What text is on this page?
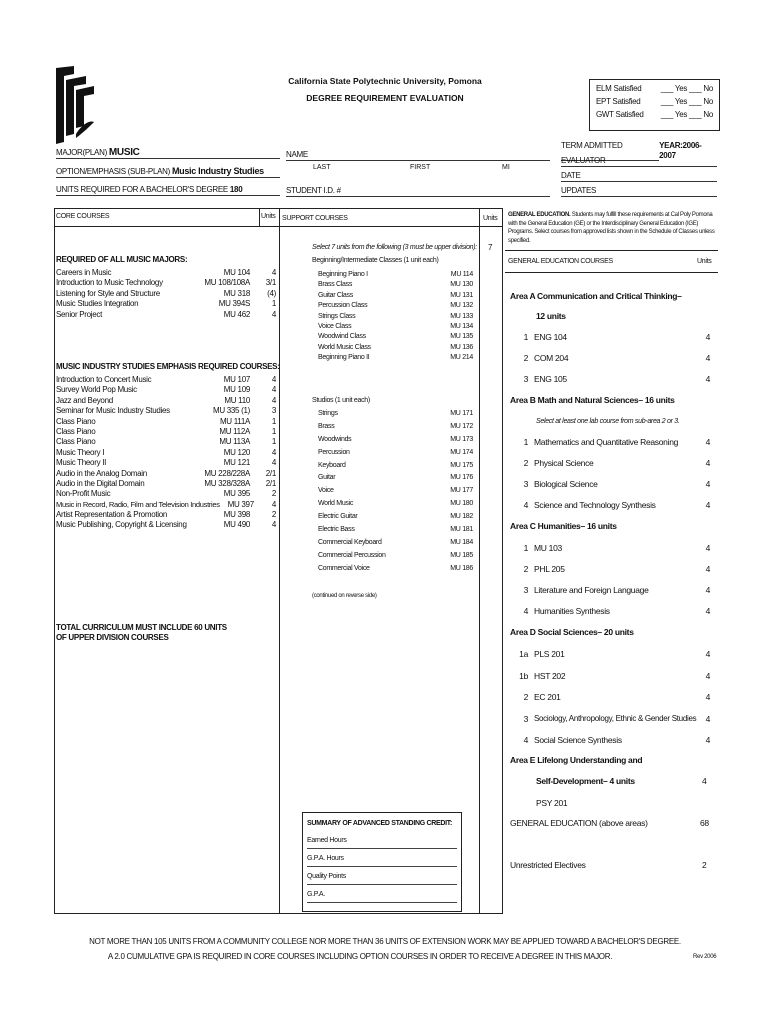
California State Polytechnic University, Pomona
DEGREE REQUIREMENT EVALUATION
ELM Satisfied ___ Yes ___ No
EPT Satisfied	___ Yes ___ No
GWT Satisfied ___ Yes ___ No
MAJOR(PLAN) MUSIC
OPTION/EMPHASIS (SUB-PLAN) Music Industry Studies
UNITS REQUIRED FOR A BACHELOR'S DEGREE 180
NAME
LAST	FIRST	MI
STUDENT I.D. #
TERM ADMITTED	YEAR:2006-2007
EVALUATOR
DATE
UPDATES
CORE COURSES	Units SUPPORT COURSES	Units
REQUIRED OF ALL MUSIC MAJORS:
Careers in Music	MU 104	4
Introduction to Music Technology	MU 108/108A	3/1
Listening for Style and Structure	MU 318	(4)
Music Studies Integration	MU 394S	1
Senior Project	MU 462	4
MUSIC INDUSTRY STUDIES EMPHASIS REQUIRED COURSES:
Introduction to Concert Music	MU 107	4
Survey World Pop Music	MU 109	4
Jazz and Beyond	MU 110	4
Seminar for Music Industry Studies	MU 335 (1)	3
Class Piano	MU 111A	1
Class Piano	MU 112A	1
Class Piano	MU 113A	1
Music Theory I	MU 120	4
Music Theory II	MU 121	4
Audio in the Analog Domain	MU 228/228A	2/1
Audio in the Digital Domain	MU 328/328A	2/1
Non-Profit Music	MU 395	2
Music in Record, Radio, Film and Television Industries MU 397	4
Artist Representation & Promotion	MU 398	2
Music Publishing, Copyright & Licensing	MU 490	4
TOTAL CURRICULUM MUST INCLUDE 60 UNITS
OF UPPER DIVISION COURSES
Select 7 units from the following (3 must be upper division): 7
Beginning/Intermediate Classes (1 unit each)
Beginning Piano I	MU 114
Brass Class	MU 130
Guitar Class	MU 131
Percussion Class	MU 132
Strings Class	MU 133
Voice Class	MU 134
Woodwind Class	MU 135
World Music Class	MU 136
Beginning Piano II	MU 214
Studios (1 unit each)
Strings	MU 171
Brass	MU 172
Woodwinds	MU 173
Percussion	MU 174
Keyboard	MU 175
Guitar	MU 176
Voice	MU 177
World Music	MU 180
Electric Guitar	MU 182
Electric Bass	MU 181
Commercial Keyboard	MU 184
Commercial Percussion	MU 185
Commercial Voice	MU 186
(continued on reverse side)
SUMMARY OF ADVANCED STANDING CREDIT:
Earned Hours
G.P.A. Hours
Quality Points
G.P.A.
GENERAL EDUCATION. Students may fulfill these requirements at Cal Poly Pomona with the General Education (GE) or the Interdisciplinary General Education (IGE) Programs. Select courses from approved lists shown in the Schedule of Classes unless specified.
GENERAL EDUCATION COURSES	Units
Area A Communication and Critical Thinking–
12 units
1 ENG 104	4
2 COM 204	4
3 ENG 105	4
Area B Math and Natural Sciences– 16 units
Select at least one lab course from sub-area 2 or 3.
1 Mathematics and Quantitative Reasoning	4
2 Physical Science	4
3 Biological Science	4
4 Science and Technology Synthesis	4
Area C Humanities– 16 units
1 MU 103	4
2 PHL 205	4
3 Literature and Foreign Language	4
4 Humanities Synthesis	4
Area D Social Sciences– 20 units
1a PLS 201	4
1b HST 202	4
2 EC 201	4
3 Sociology, Anthropology, Ethnic & Gender Studies	4
4 Social Science Synthesis	4
Area E Lifelong Understanding and
Self-Development– 4 units	4
PSY 201
GENERAL EDUCATION (above areas)	68
Unrestricted Electives	2
NOT MORE THAN 105 UNITS FROM A COMMUNITY COLLEGE NOR MORE THAN 36 UNITS OF EXTENSION WORK MAY BE APPLIED TOWARD A BACHELOR'S DEGREE.
A 2.0 CUMULATIVE GPA IS REQUIRED IN CORE COURSES INCLUDING OPTION COURSES IN ORDER TO RECEIVE A DEGREE IN THIS MAJOR.	Rev 2006
